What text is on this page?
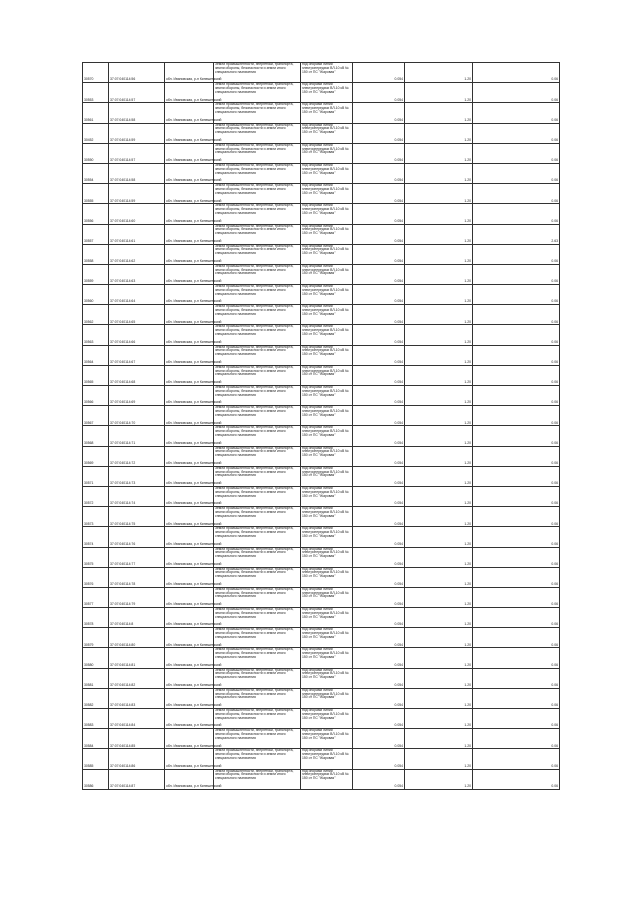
30570	37:07:040114:56	обл. Ивановская, р-н Кинешемский	Земли промышленности, энергетики, транспорта, земли обороны, безопасности и земли иного специального назначения	под опорами линий электропередачи ВЛ-10 кВ № 150 от ПС "Жаровая"	0.054	1.20	0.06
30553	37:07:040114:57	обл. Ивановская, р-н Кинешемский	Земли промышленности, энергетики, транспорта, земли обороны, безопасности и земли иного специального назначения	под опорами линий электропередачи ВЛ-10 кВ № 150 от ПС "Жаровая"	0.054	1.20	0.06
30561	37:07:040114:58	обл. Ивановская, р-н Кинешемский	Земли промышленности, энергетики, транспорта, земли обороны, безопасности и земли иного специального назначения	под опорами линий электропередачи ВЛ-10 кВ № 150 от ПС "Жаровая"	0.054	1.20	0.06
30452	37:07:040114:59	обл. Ивановская, р-н Кинешемский	Земли промышленности, энергетики, транспорта, земли обороны, безопасности и земли иного специального назначения	под опорами линий электропередачи ВЛ-10 кВ № 150 от ПС "Жаровая"	0.054	1.20	0.06
30550	37:07:040114:57	обл. Ивановская, р-н Кинешемский	Земли промышленности, энергетики, транспорта, земли обороны, безопасности и земли иного специального назначения	под опорами линий электропередачи ВЛ-10 кВ № 150 от ПС "Жаровая"	0.054	1.20	0.06
30554	37:07:040114:58	обл. Ивановская, р-н Кинешемский	Земли промышленности, энергетики, транспорта, земли обороны, безопасности и земли иного специального назначения	под опорами линий электропередачи ВЛ-10 кВ № 150 от ПС "Жаровая"	0.054	1.20	0.06
30555	37:07:040114:59	обл. Ивановская, р-н Кинешемский	Земли промышленности, энергетики, транспорта, земли обороны, безопасности и земли иного специального назначения	под опорами линий электропередачи ВЛ-10 кВ № 150 от ПС "Жаровая"	0.054	1.20	0.06
30556	37:07:040114:60	обл. Ивановская, р-н Кинешемский	Земли промышленности, энергетики, транспорта, земли обороны, безопасности и земли иного специального назначения	под опорами линий электропередачи ВЛ-10 кВ № 150 от ПС "Жаровая"	0.054	1.20	0.06
30557	37:07:040114:61	обл. Ивановская, р-н Кинешемский	Земли промышленности, энергетики, транспорта, земли обороны, безопасности и земли иного специального назначения	под опорами линий электропередачи ВЛ-10 кВ № 150 от ПС "Жаровая"	0.054	1.20	2.63
30558	37:07:040114:62	обл. Ивановская, р-н Кинешемский	Земли промышленности, энергетики, транспорта, земли обороны, безопасности и земли иного специального назначения	под опорами линий электропередачи ВЛ-10 кВ № 150 от ПС "Жаровая"	0.054	1.20	0.06
30559	37:07:040114:63	обл. Ивановская, р-н Кинешемский	Земли промышленности, энергетики, транспорта, земли обороны, безопасности и земли иного специального назначения	под опорами линий электропередачи ВЛ-10 кВ № 150 от ПС "Жаровая"	0.054	1.20	0.06
30560	37:07:040114:64	обл. Ивановская, р-н Кинешемский	Земли промышленности, энергетики, транспорта, земли обороны, безопасности и земли иного специального назначения	под опорами линий электропередачи ВЛ-10 кВ № 150 от ПС "Жаровая"	0.054	1.20	0.06
30562	37:07:040114:65	обл. Ивановская, р-н Кинешемский	Земли промышленности, энергетики, транспорта, земли обороны, безопасности и земли иного специального назначения	под опорами линий электропередачи ВЛ-10 кВ № 150 от ПС "Жаровая"	0.054	1.20	0.06
30563	37:07:040114:66	обл. Ивановская, р-н Кинешемский	Земли промышленности, энергетики, транспорта, земли обороны, безопасности и земли иного специального назначения	под опорами линий электропередачи ВЛ-10 кВ № 150 от ПС "Жаровая"	0.054	1.20	0.06
30564	37:07:040114:67	обл. Ивановская, р-н Кинешемский	Земли промышленности, энергетики, транспорта, земли обороны, безопасности и земли иного специального назначения	под опорами линий электропередачи ВЛ-10 кВ № 150 от ПС "Жаровая"	0.054	1.20	0.06
30565	37:07:040114:68	обл. Ивановская, р-н Кинешемский	Земли промышленности, энергетики, транспорта, земли обороны, безопасности и земли иного специального назначения	под опорами линий электропередачи ВЛ-10 кВ № 150 от ПС "Жаровая"	0.054	1.20	0.06
30566	37:07:040114:69	обл. Ивановская, р-н Кинешемский	Земли промышленности, энергетики, транспорта, земли обороны, безопасности и земли иного специального назначения	под опорами линий электропередачи ВЛ-10 кВ № 150 от ПС "Жаровая"	0.054	1.20	0.06
30567	37:07:040114:70	обл. Ивановская, р-н Кинешемский	Земли промышленности, энергетики, транспорта, земли обороны, безопасности и земли иного специального назначения	под опорами линий электропередачи ВЛ-10 кВ № 150 от ПС "Жаровая"	0.054	1.20	0.06
30568	37:07:040114:71	обл. Ивановская, р-н Кинешемский	Земли промышленности, энергетики, транспорта, земли обороны, безопасности и земли иного специального назначения	под опорами линий электропередачи ВЛ-10 кВ № 150 от ПС "Жаровая"	0.054	1.20	0.06
30569	37:07:040114:72	обл. Ивановская, р-н Кинешемский	Земли промышленности, энергетики, транспорта, земли обороны, безопасности и земли иного специального назначения	под опорами линий электропередачи ВЛ-10 кВ № 150 от ПС "Жаровая"	0.054	1.20	0.06
30571	37:07:040114:73	обл. Ивановская, р-н Кинешемский	Земли промышленности, энергетики, транспорта, земли обороны, безопасности и земли иного специального назначения	под опорами линий электропередачи ВЛ-10 кВ № 150 от ПС "Жаровая"	0.054	1.20	0.06
30572	37:07:040114:74	обл. Ивановская, р-н Кинешемский	Земли промышленности, энергетики, транспорта, земли обороны, безопасности и земли иного специального назначения	под опорами линий электропередачи ВЛ-10 кВ № 150 от ПС "Жаровая"	0.054	1.20	0.06
30573	37:07:040114:75	обл. Ивановская, р-н Кинешемский	Земли промышленности, энергетики, транспорта, земли обороны, безопасности и земли иного специального назначения	под опорами линий электропередачи ВЛ-10 кВ № 150 от ПС "Жаровая"	0.054	1.20	0.06
30574	37:07:040114:76	обл. Ивановская, р-н Кинешемский	Земли промышленности, энергетики, транспорта, земли обороны, безопасности и земли иного специального назначения	под опорами линий электропередачи ВЛ-10 кВ № 150 от ПС "Жаровая"	0.054	1.20	0.06
30575	37:07:040114:77	обл. Ивановская, р-н Кинешемский	Земли промышленности, энергетики, транспорта, земли обороны, безопасности и земли иного специального назначения	под опорами линий электропередачи ВЛ-10 кВ № 150 от ПС "Жаровая"	0.054	1.20	0.06
30576	37:07:040114:78	обл. Ивановская, р-н Кинешемский	Земли промышленности, энергетики, транспорта, земли обороны, безопасности и земли иного специального назначения	под опорами линий электропередачи ВЛ-10 кВ № 150 от ПС "Жаровая"	0.054	1.20	0.06
30577	37:07:040114:79	обл. Ивановская, р-н Кинешемский	Земли промышленности, энергетики, транспорта, земли обороны, безопасности и земли иного специального назначения	под опорами линий электропередачи ВЛ-10 кВ № 150 от ПС "Жаровая"	0.054	1.20	0.06
30578	37:07:040114:8	обл. Ивановская, р-н Кинешемский	Земли промышленности, энергетики, транспорта, земли обороны, безопасности и земли иного специального назначения	под опорами линий электропередачи ВЛ-10 кВ № 150 от ПС "Жаровая"	0.054	1.20	0.06
30579	37:07:040114:80	обл. Ивановская, р-н Кинешемский	Земли промышленности, энергетики, транспорта, земли обороны, безопасности и земли иного специального назначения	под опорами линий электропередачи ВЛ-10 кВ № 150 от ПС "Жаровая"	0.054	1.20	0.06
30580	37:07:040114:81	обл. Ивановская, р-н Кинешемский	Земли промышленности, энергетики, транспорта, земли обороны, безопасности и земли иного специального назначения	под опорами линий электропередачи ВЛ-10 кВ № 150 от ПС "Жаровая"	0.054	1.20	0.06
30581	37:07:040114:82	обл. Ивановская, р-н Кинешемский	Земли промышленности, энергетики, транспорта, земли обороны, безопасности и земли иного специального назначения	под опорами линий электропередачи ВЛ-10 кВ № 150 от ПС "Жаровая"	0.054	1.20	0.06
30582	37:07:040114:83	обл. Ивановская, р-н Кинешемский	Земли промышленности, энергетики, транспорта, земли обороны, безопасности и земли иного специального назначения	под опорами линий электропередачи ВЛ-10 кВ № 150 от ПС "Жаровая"	0.054	1.20	0.06
30583	37:07:040114:84	обл. Ивановская, р-н Кинешемский	Земли промышленности, энергетики, транспорта, земли обороны, безопасности и земли иного специального назначения	под опорами линий электропередачи ВЛ-10 кВ № 150 от ПС "Жаровая"	0.054	1.20	0.06
30584	37:07:040114:85	обл. Ивановская, р-н Кинешемский	Земли промышленности, энергетики, транспорта, земли обороны, безопасности и земли иного специального назначения	под опорами линий электропередачи ВЛ-10 кВ № 150 от ПС "Жаровая"	0.054	1.20	0.06
30585	37:07:040114:86	обл. Ивановская, р-н Кинешемский	Земли промышленности, энергетики, транспорта, земли обороны, безопасности и земли иного специального назначения	под опорами линий электропередачи ВЛ-10 кВ № 150 от ПС "Жаровая"	0.054	1.20	0.06
30586	37:07:040114:87	обл. Ивановская, р-н Кинешемский	Земли промышленности, энергетики, транспорта, земли обороны, безопасности и земли иного специального назначения	под опорами линий электропередачи ВЛ-10 кВ № 150 от ПС "Жаровая"	0.054	1.20	0.06
